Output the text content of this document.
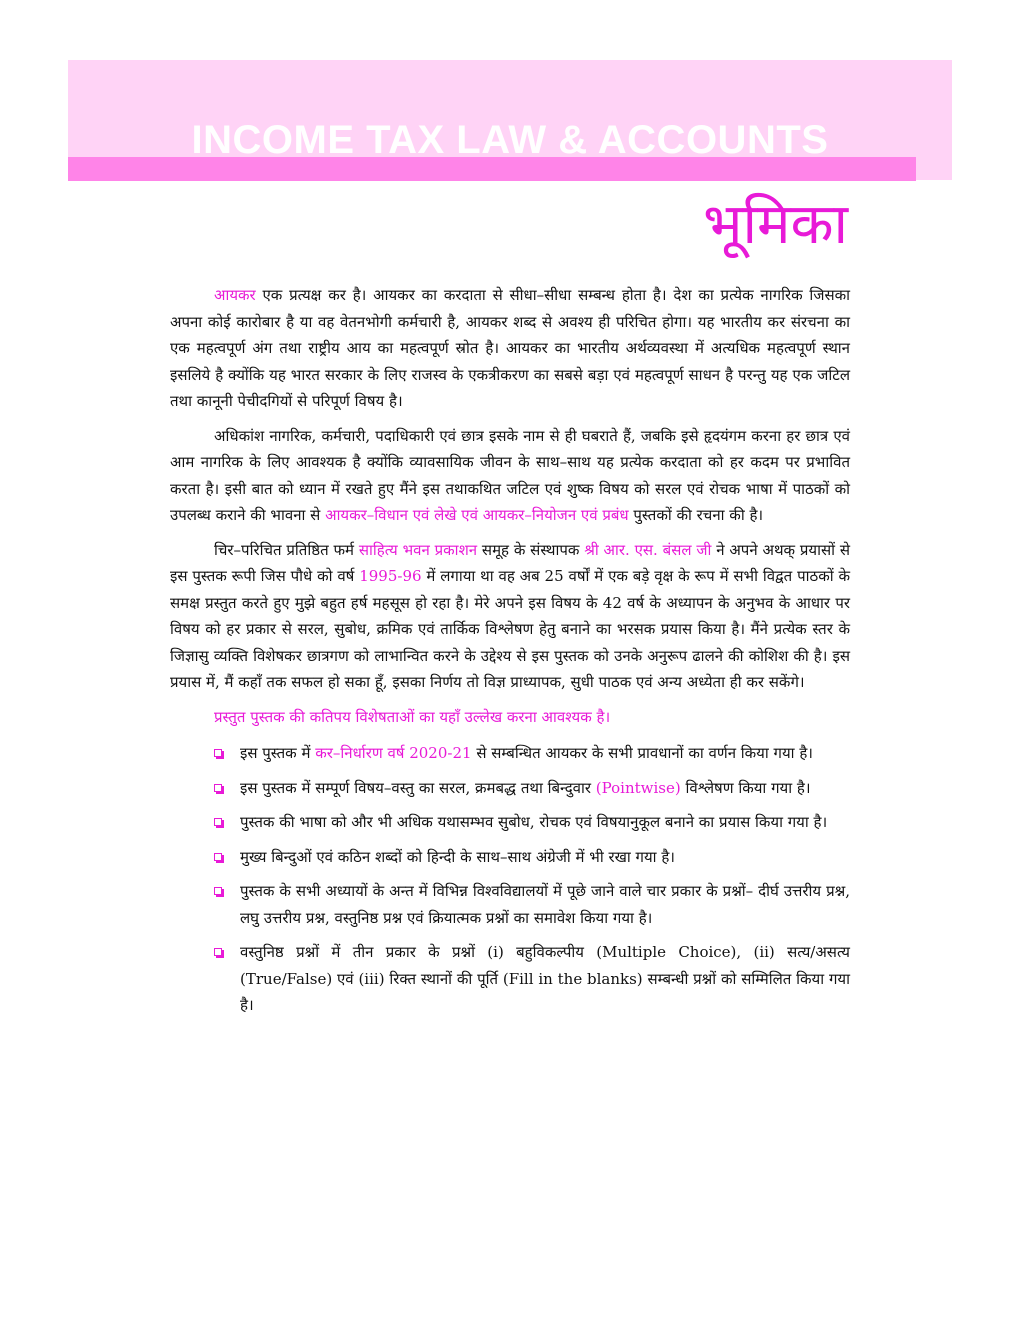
INCOME TAX LAW & ACCOUNTS
भूमिका

आयकर एक प्रत्यक्ष कर है। आयकर का करदाता से सीधा–सीधा सम्बन्ध होता है। देश का प्रत्येक नागरिक जिसका अपना कोई कारोबार है या वह वेतनभोगी कर्मचारी है, आयकर शब्द से अवश्य ही परिचित होगा। यह भारतीय कर संरचना का एक महत्वपूर्ण अंग तथा राष्ट्रीय आय का महत्वपूर्ण स्रोत है। आयकर का भारतीय अर्थव्यवस्था में अत्यधिक महत्वपूर्ण स्थान इसलिये है क्योंकि यह भारत सरकार के लिए राजस्व के एकत्रीकरण का सबसे बड़ा एवं महत्वपूर्ण साधन है परन्तु यह एक जटिल तथा कानूनी पेचीदगियों से परिपूर्ण विषय है।

अधिकांश नागरिक, कर्मचारी, पदाधिकारी एवं छात्र इसके नाम से ही घबराते हैं, जबकि इसे हृदयंगम करना हर छात्र एवं आम नागरिक के लिए आवश्यक है क्योंकि व्यावसायिक जीवन के साथ–साथ यह प्रत्येक करदाता को हर कदम पर प्रभावित करता है। इसी बात को ध्यान में रखते हुए मैंने इस तथाकथित जटिल एवं शुष्क विषय को सरल एवं रोचक भाषा में पाठकों को उपलब्ध कराने की भावना से आयकर–विधान एवं लेखे एवं आयकर–नियोजन एवं प्रबंध पुस्तकों की रचना की है।

चिर–परिचित प्रतिष्ठित फर्म साहित्य भवन प्रकाशन समूह के संस्थापक श्री आर. एस. बंसल जी ने अपने अथक् प्रयासों से इस पुस्तक रूपी जिस पौधे को वर्ष 1995-96 में लगाया था वह अब 25 वर्षों में एक बड़े वृक्ष के रूप में सभी विद्वत पाठकों के समक्ष प्रस्तुत करते हुए मुझे बहुत हर्ष महसूस हो रहा है। मेरे अपने इस विषय के 42 वर्ष के अध्यापन के अनुभव के आधार पर विषय को हर प्रकार से सरल, सुबोध, क्रमिक एवं तार्किक विश्लेषण हेतु बनाने का भरसक प्रयास किया है। मैंने प्रत्येक स्तर के जिज्ञासु व्यक्ति विशेषकर छात्रगण को लाभान्वित करने के उद्देश्य से इस पुस्तक को उनके अनुरूप ढालने की कोशिश की है। इस प्रयास में, मैं कहाँ तक सफल हो सका हूँ, इसका निर्णय तो विज्ञ प्राध्यापक, सुधी पाठक एवं अन्य अध्येता ही कर सकेंगे।

प्रस्तुत पुस्तक की कतिपय विशेषताओं का यहाँ उल्लेख करना आवश्यक है।

इस पुस्तक में कर–निर्धारण वर्ष 2020-21 से सम्बन्धित आयकर के सभी प्रावधानों का वर्णन किया गया है।
इस पुस्तक में सम्पूर्ण विषय–वस्तु का सरल, क्रमबद्ध तथा बिन्दुवार (Pointwise) विश्लेषण किया गया है।
पुस्तक की भाषा को और भी अधिक यथासम्भव सुबोध, रोचक एवं विषयानुकूल बनाने का प्रयास किया गया है।
मुख्य बिन्दुओं एवं कठिन शब्दों को हिन्दी के साथ–साथ अंग्रेजी में भी रखा गया है।
पुस्तक के सभी अध्यायों के अन्त में विभिन्न विश्वविद्यालयों में पूछे जाने वाले चार प्रकार के प्रश्नों– दीर्घ उत्तरीय प्रश्न, लघु उत्तरीय प्रश्न, वस्तुनिष्ठ प्रश्न एवं क्रियात्मक प्रश्नों का समावेश किया गया है।
वस्तुनिष्ठ प्रश्नों में तीन प्रकार के प्रश्नों (i) बहुविकल्पीय (Multiple Choice), (ii) सत्य/असत्य (True/False) एवं (iii) रिक्त स्थानों की पूर्ति (Fill in the blanks) सम्बन्धी प्रश्नों को सम्मिलित किया गया है।
